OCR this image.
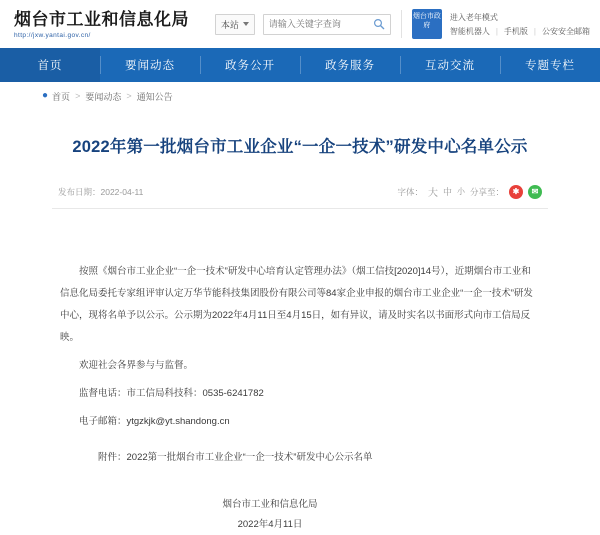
烟台市工业和信息化局
http://jxw.yantai.gov.cn/
本站
请输入关键字查询
烟台市政府
进入老年模式
智能机器人 | 手机版 | 公安安全邮箱
首页	要闻动态	政务公开	政务服务	互动交流	专题专栏
● 首页 > 要闻动态 > 通知公告
2022年第一批烟台市工业企业“一企一技术”研发中心名单公示
发布日期：2022-04-11	字体： 大 中 小 分享至：	✱	✉

按照《烟台市工业企业“一企一技术”研发中心培育认定管理办法》（烟工信技[2020]14号），近期烟台市工业和信息化局委托专家组评审认定万华节能科技集团股份有限公司等84家企业申报的烟台市工业企业“一企一技术”研发中心，现将名单予以公示。公示期为2022年4月11日至4月15日，如有异议，请及时实名以书面形式向市工信局反映。

欢迎社会各界参与与监督。

监督电话：市工信局科技科：0535-6241782

电子邮箱：ytgzkjk@yt.shandong.cn

附件：2022第一批烟台市工业企业“一企一技术”研发中心公示名单

烟台市工业和信息化局
2022年4月11日
